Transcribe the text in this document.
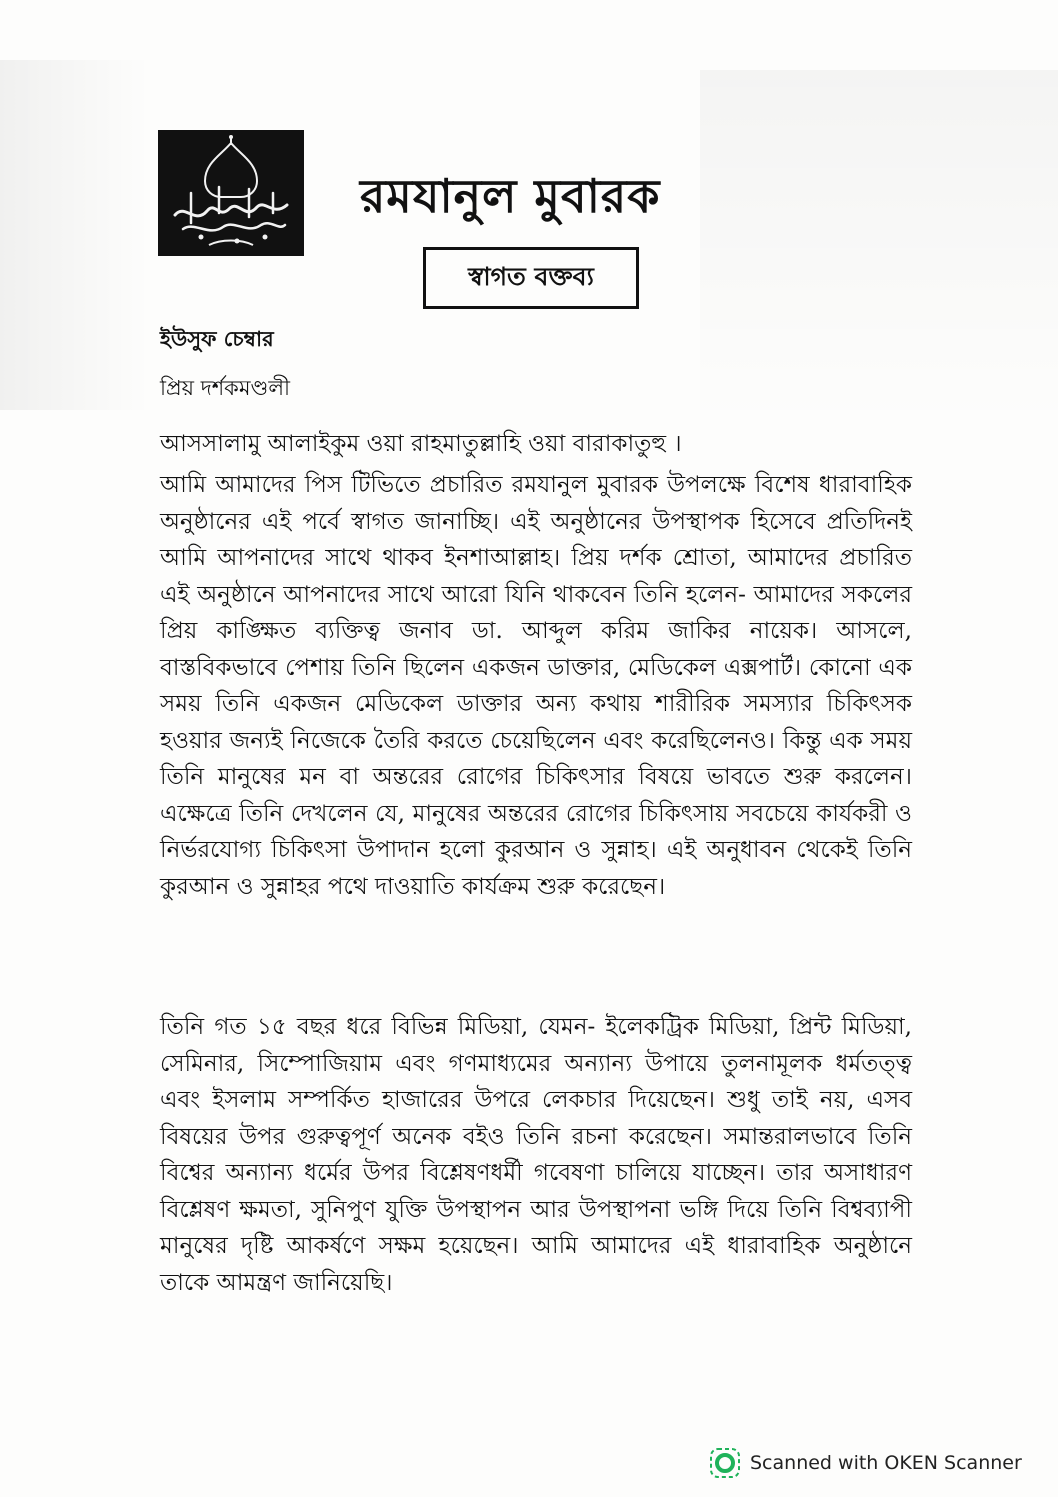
রমযানুল মুবারক
স্বাগত বক্তব্য
ইউসুফ চেম্বার
প্রিয় দর্শকমণ্ডলী
আসসালামু আলাইকুম ওয়া রাহমাতুল্লাহি ওয়া বারাকাতুহু ।
আমি আমাদের পিস টিভিতে প্রচারিত রমযানুল মুবারক উপলক্ষে বিশেষ ধারাবাহিক অনুষ্ঠানের এই পর্বে স্বাগত জানাচ্ছি। এই অনুষ্ঠানের উপস্থাপক হিসেবে প্রতিদিনই আমি আপনাদের সাথে থাকব ইনশাআল্লাহ। প্রিয় দর্শক শ্রোতা, আমাদের প্রচারিত এই অনুষ্ঠানে আপনাদের সাথে আরো যিনি থাকবেন তিনি হলেন- আমাদের সকলের প্রিয় কাঙ্ক্ষিত ব্যক্তিত্ব জনাব ডা. আব্দুল করিম জাকির নায়েক। আসলে, বাস্তবিকভাবে পেশায় তিনি ছিলেন একজন ডাক্তার, মেডিকেল এক্সপার্ট। কোনো এক সময় তিনি একজন মেডিকেল ডাক্তার অন্য কথায় শারীরিক সমস্যার চিকিৎসক হওয়ার জন্যই নিজেকে তৈরি করতে চেয়েছিলেন এবং করেছিলেনও। কিন্তু এক সময় তিনি মানুষের মন বা অন্তরের রোগের চিকিৎসার বিষয়ে ভাবতে শুরু করলেন। এক্ষেত্রে তিনি দেখলেন যে, মানুষের অন্তরের রোগের চিকিৎসায় সবচেয়ে কার্যকরী ও নির্ভরযোগ্য চিকিৎসা উপাদান হলো কুরআন ও সুন্নাহ। এই অনুধাবন থেকেই তিনি কুরআন ও সুন্নাহর পথে দাওয়াতি কার্যক্রম শুরু করেছেন।
তিনি গত ১৫ বছর ধরে বিভিন্ন মিডিয়া, যেমন- ইলেকট্রিক মিডিয়া, প্রিন্ট মিডিয়া, সেমিনার, সিম্পোজিয়াম এবং গণমাধ্যমের অন্যান্য উপায়ে তুলনামূলক ধর্মতত্ত্ব এবং ইসলাম সম্পর্কিত হাজারের উপরে লেকচার দিয়েছেন। শুধু তাই নয়, এসব বিষয়ের উপর গুরুত্বপূর্ণ অনেক বইও তিনি রচনা করেছেন। সমান্তরালভাবে তিনি বিশ্বের অন্যান্য ধর্মের উপর বিশ্লেষণধর্মী গবেষণা চালিয়ে যাচ্ছেন। তার অসাধারণ বিশ্লেষণ ক্ষমতা, সুনিপুণ যুক্তি উপস্থাপন আর উপস্থাপনা ভঙ্গি দিয়ে তিনি বিশ্বব্যাপী মানুষের দৃষ্টি আকর্ষণে সক্ষম হয়েছেন। আমি আমাদের এই ধারাবাহিক অনুষ্ঠানে তাকে আমন্ত্রণ জানিয়েছি।
Scanned with OKEN Scanner
